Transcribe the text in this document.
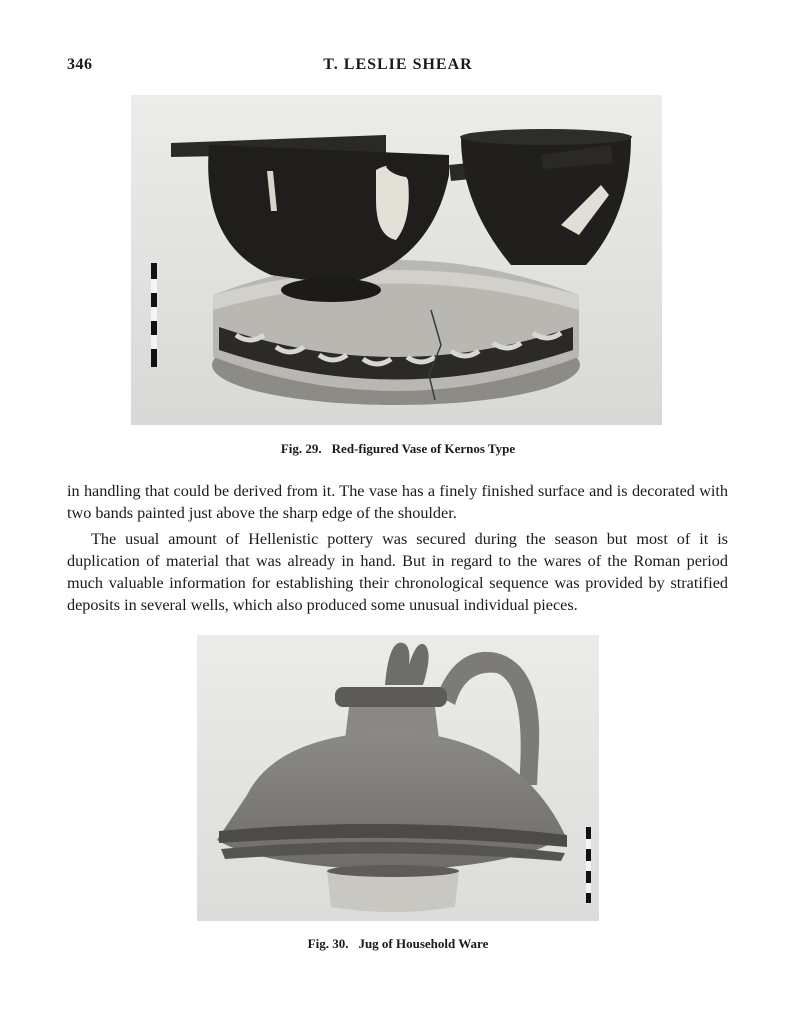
346	T. LESLIE SHEAR
Fig. 29. Red-figured Vase of Kernos Type

in handling that could be derived from it. The vase has a finely finished surface and is decorated with two bands painted just above the sharp edge of the shoulder.

The usual amount of Hellenistic pottery was secured during the season but most of it is duplication of material that was already in hand. But in regard to the wares of the Roman period much valuable information for establishing their chronological sequence was provided by stratified deposits in several wells, which also produced some unusual individual pieces.

Fig. 30. Jug of Household Ware
